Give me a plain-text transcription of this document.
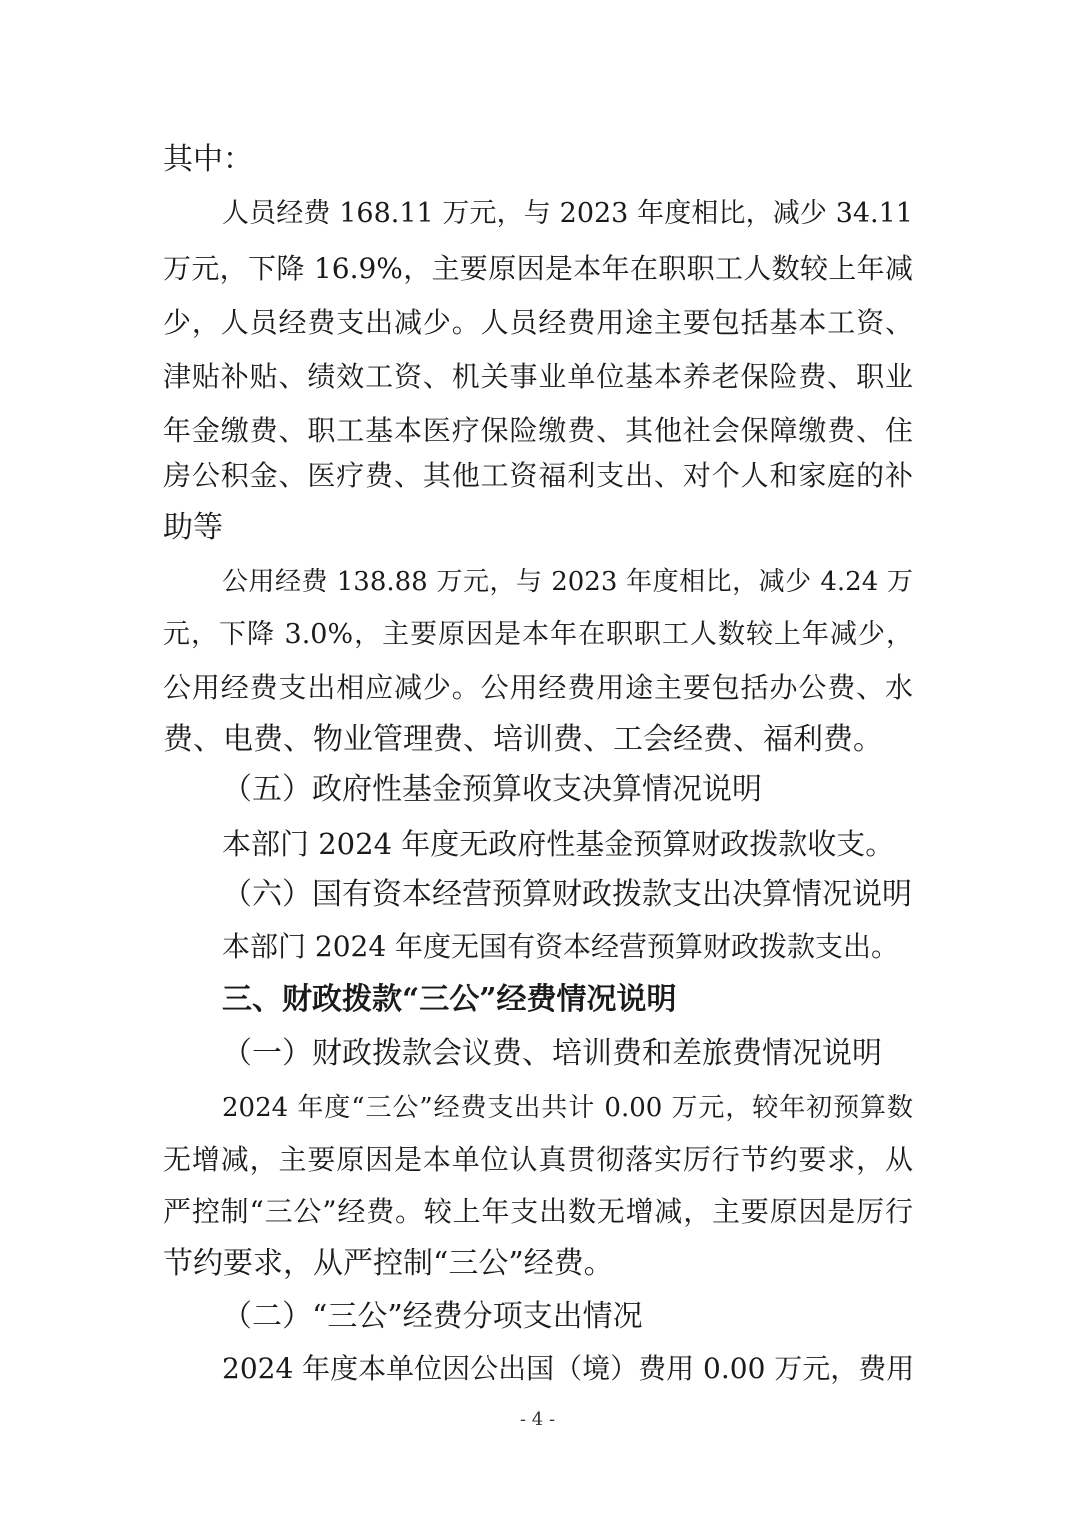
其中：
人员经费 168.11 万元，与 2023 年度相比，减少 34.11
万元，下降 16.9%，主要原因是本年在职职工人数较上年减
少，人员经费支出减少。人员经费用途主要包括基本工资、
津贴补贴、绩效工资、机关事业单位基本养老保险费、职业
年金缴费、职工基本医疗保险缴费、其他社会保障缴费、住
房公积金、医疗费、其他工资福利支出、对个人和家庭的补
助等
公用经费 138.88 万元，与 2023 年度相比，减少 4.24 万
元，下降 3.0%，主要原因是本年在职职工人数较上年减少，
公用经费支出相应减少。公用经费用途主要包括办公费、水
费、电费、物业管理费、培训费、工会经费、福利费。
（五）政府性基金预算收支决算情况说明
本部门 2024 年度无政府性基金预算财政拨款收支。
（六）国有资本经营预算财政拨款支出决算情况说明
本部门 2024 年度无国有资本经营预算财政拨款支出。
三、财政拨款“三公”经费情况说明
（一）财政拨款会议费、培训费和差旅费情况说明
2024 年度“三公”经费支出共计 0.00 万元，较年初预算数
无增减，主要原因是本单位认真贯彻落实厉行节约要求，从
严控制“三公”经费。较上年支出数无增减，主要原因是厉行
节约要求，从严控制“三公”经费。
（二）“三公”经费分项支出情况
2024 年度本单位因公出国（境）费用 0.00 万元，费用
- 4 -
